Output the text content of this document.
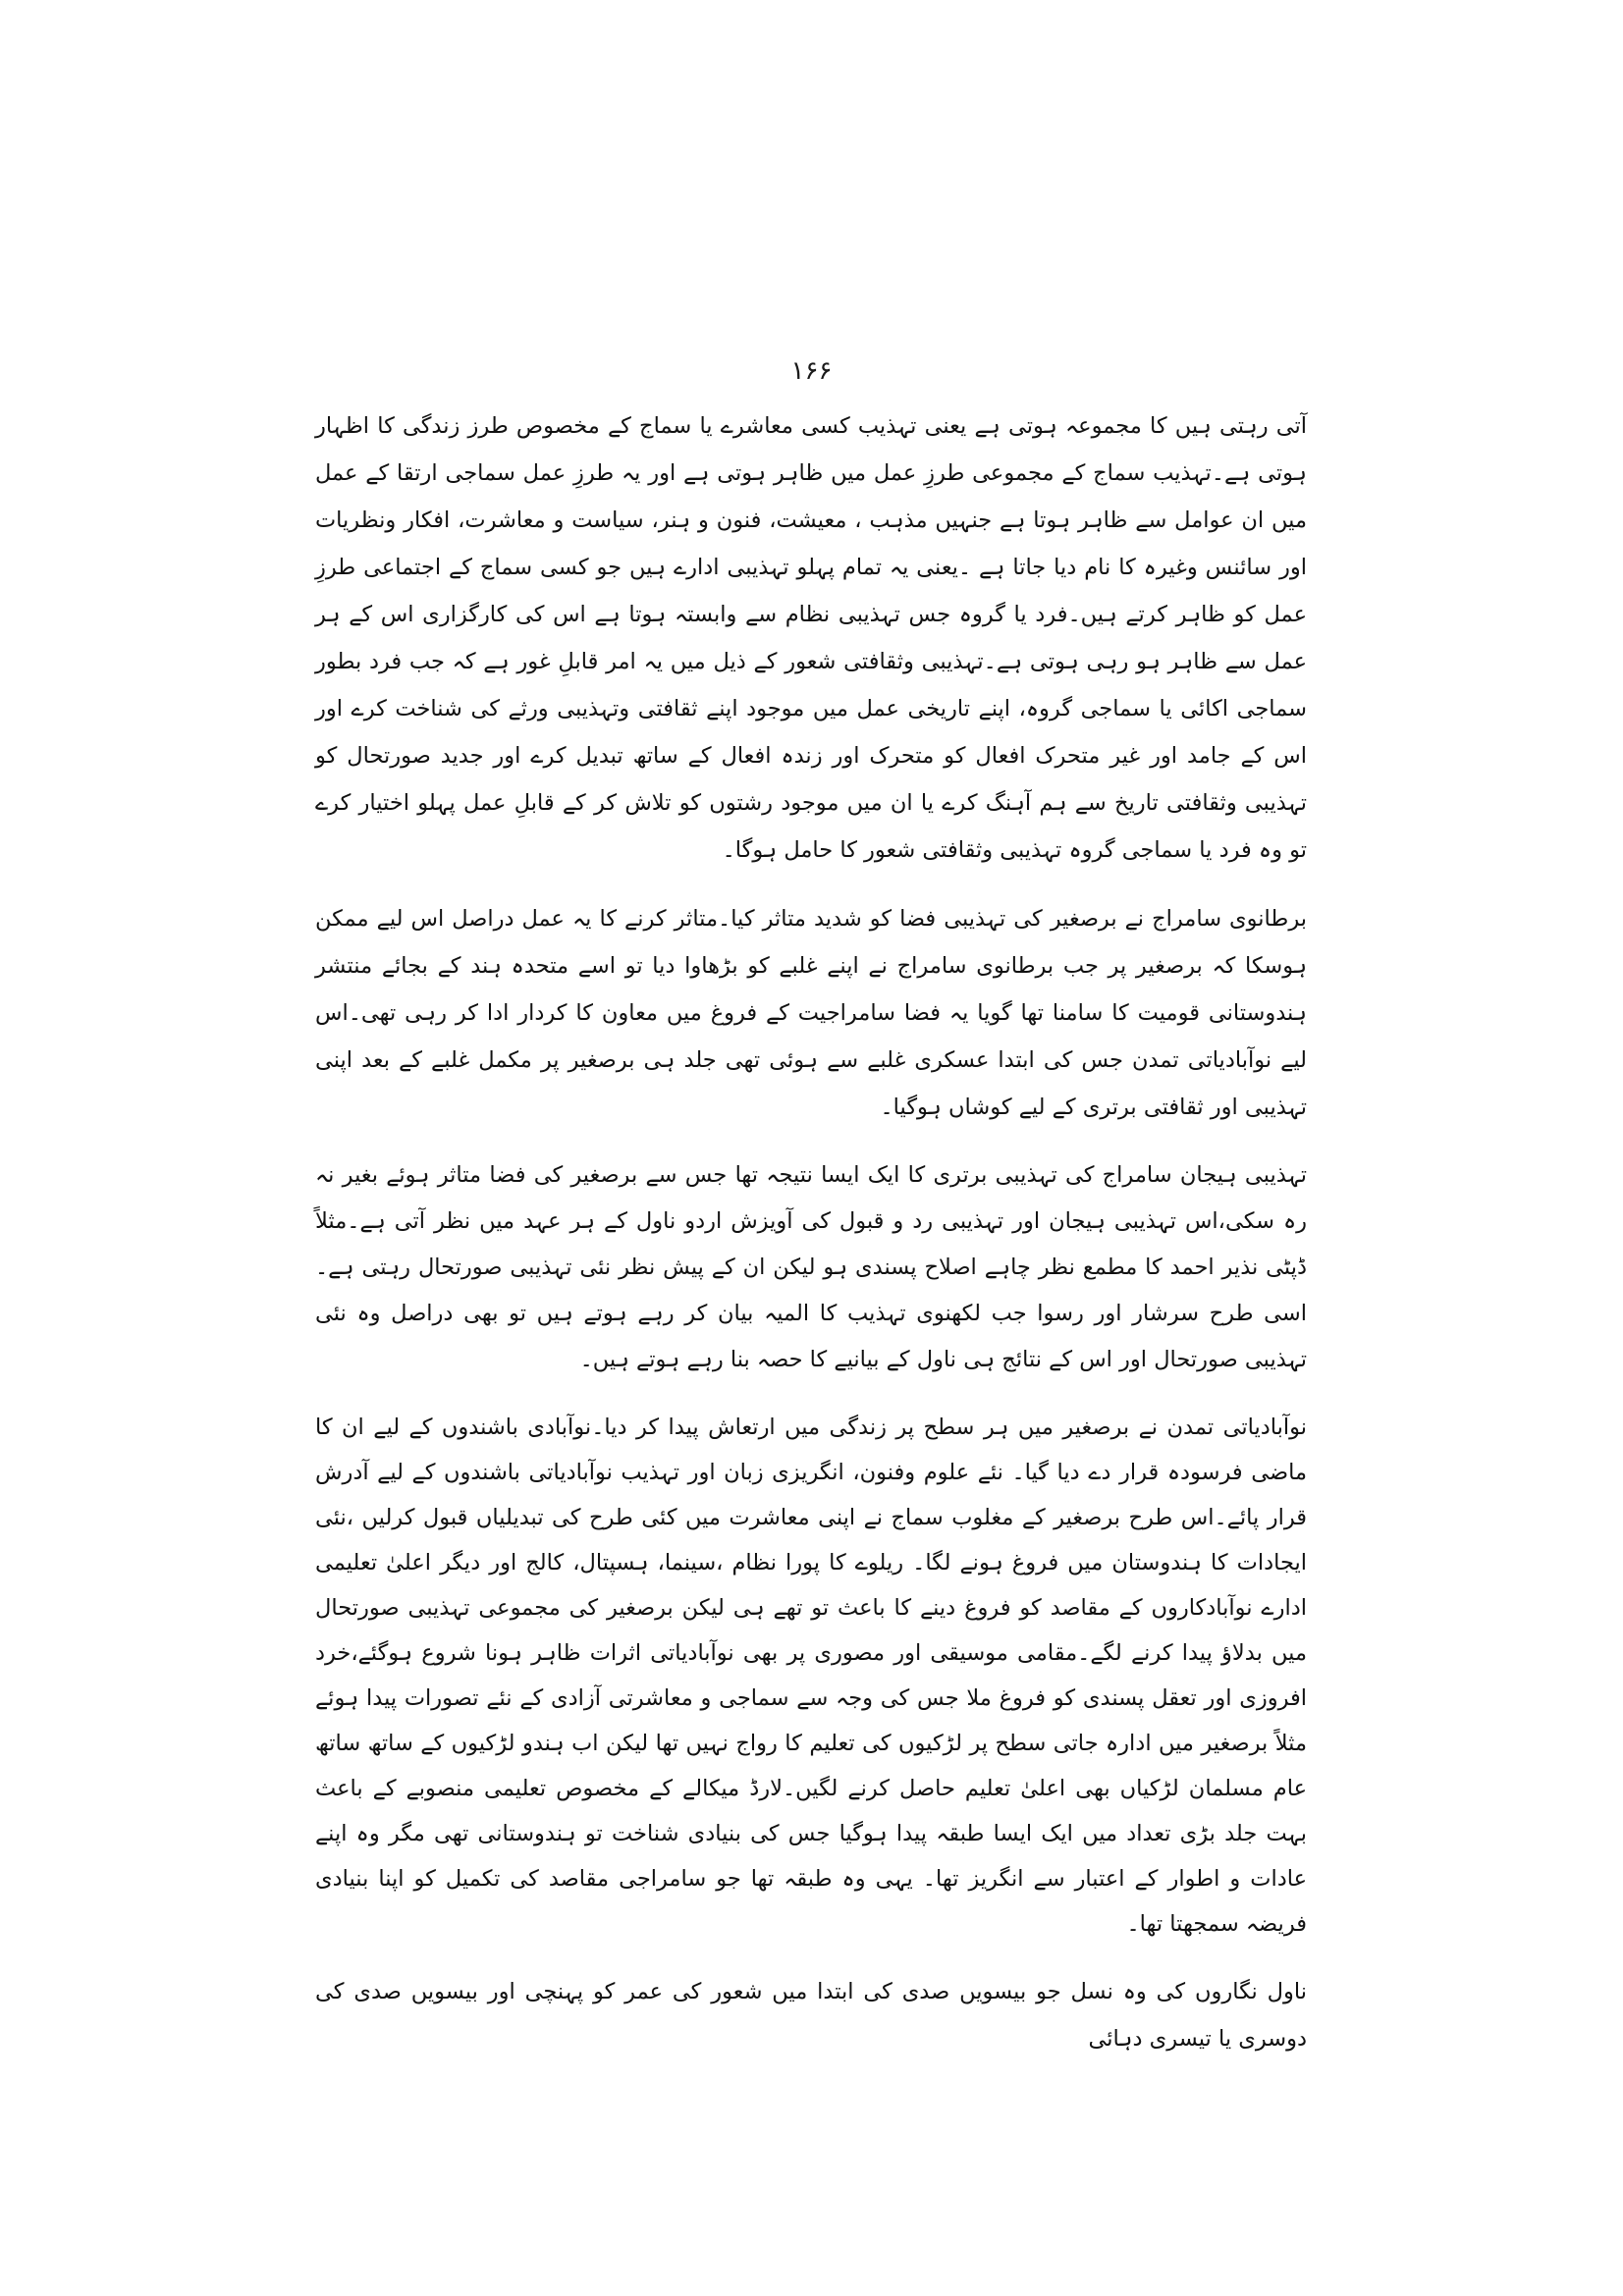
۱۶۶

آتی رہتی ہیں کا مجموعہ ہوتی ہے یعنی تہذیب کسی معاشرے یا سماج کے مخصوص طرز زندگی کا اظہار ہوتی ہے۔تہذیب سماج کے مجموعی طرزِ عمل میں ظاہر ہوتی ہے اور یہ طرزِ عمل سماجی ارتقا کے عمل میں ان عوامل سے ظاہر ہوتا ہے جنہیں مذہب ، معیشت، فنون و ہنر، سیاست و معاشرت، افکار ونظریات اور سائنس وغیرہ کا نام دیا جاتا ہے ۔یعنی یہ تمام پہلو تہذیبی ادارے ہیں جو کسی سماج کے اجتماعی طرزِ عمل کو ظاہر کرتے ہیں۔فرد یا گروہ جس تہذیبی نظام سے وابستہ ہوتا ہے اس کی کارگزاری اس کے ہر عمل سے ظاہر ہو رہی ہوتی ہے۔تہذیبی وثقافتی شعور کے ذیل میں یہ امر قابلِ غور ہے کہ جب فرد بطور سماجی اکائی یا سماجی گروہ، اپنے تاریخی عمل میں موجود اپنے ثقافتی وتہذیبی ورثے کی شناخت کرے اور اس کے جامد اور غیر متحرک افعال کو متحرک اور زندہ افعال کے ساتھ تبدیل کرے اور جدید صورتحال کو تہذیبی وثقافتی تاریخ سے ہم آہنگ کرے یا ان میں موجود رشتوں کو تلاش کر کے قابلِ عمل پہلو اختیار کرے تو وہ فرد یا سماجی گروہ تہذیبی وثقافتی شعور کا حامل ہوگا۔

برطانوی سامراج نے برصغیر کی تہذیبی فضا کو شدید متاثر کیا۔متاثر کرنے کا یہ عمل دراصل اس لیے ممکن ہوسکا کہ برصغیر پر جب برطانوی سامراج نے اپنے غلبے کو بڑھاوا دیا تو اسے متحدہ ہند کے بجائے منتشر ہندوستانی قومیت کا سامنا تھا گویا یہ فضا سامراجیت کے فروغ میں معاون کا کردار ادا کر رہی تھی۔اس لیے نوآبادیاتی تمدن جس کی ابتدا عسکری غلبے سے ہوئی تھی جلد ہی برصغیر پر مکمل غلبے کے بعد اپنی تہذیبی اور ثقافتی برتری کے لیے کوشاں ہوگیا۔

تہذیبی ہیجان سامراج کی تہذیبی برتری کا ایک ایسا نتیجہ تھا جس سے برصغیر کی فضا متاثر ہوئے بغیر نہ رہ سکی،اس تہذیبی ہیجان اور تہذیبی رد و قبول کی آویزش اردو ناول کے ہر عہد میں نظر آتی ہے۔مثلاً ڈپٹی نذیر احمد کا مطمع نظر چاہے اصلاح پسندی ہو لیکن ان کے پیش نظر نئی تہذیبی صورتحال رہتی ہے۔اسی طرح سرشار اور رسوا جب لکھنوی تہذیب کا المیہ بیان کر رہے ہوتے ہیں تو بھی دراصل وہ نئی تہذیبی صورتحال اور اس کے نتائج ہی ناول کے بیانیے کا حصہ بنا رہے ہوتے ہیں۔

نوآبادیاتی تمدن نے برصغیر میں ہر سطح پر زندگی میں ارتعاش پیدا کر دیا۔نوآبادی باشندوں کے لیے ان کا ماضی فرسودہ قرار دے دیا گیا۔ نئے علوم وفنون، انگریزی زبان اور تہذیب نوآبادیاتی باشندوں کے لیے آدرش قرار پائے۔اس طرح برصغیر کے مغلوب سماج نے اپنی معاشرت میں کئی طرح کی تبدیلیاں قبول کرلیں ،نئی ایجادات کا ہندوستان میں فروغ ہونے لگا۔ ریلوے کا پورا نظام ،سینما، ہسپتال، کالج اور دیگر اعلیٰ تعلیمی ادارے نوآبادکاروں کے مقاصد کو فروغ دینے کا باعث تو تھے ہی لیکن برصغیر کی مجموعی تہذیبی صورتحال میں بدلاؤ پیدا کرنے لگے۔مقامی موسیقی اور مصوری پر بھی نوآبادیاتی اثرات ظاہر ہونا شروع ہوگئے،خرد افروزی اور تعقل پسندی کو فروغ ملا جس کی وجہ سے سماجی و معاشرتی آزادی کے نئے تصورات پیدا ہوئے مثلاً برصغیر میں ادارہ جاتی سطح پر لڑکیوں کی تعلیم کا رواج نہیں تھا لیکن اب ہندو لڑکیوں کے ساتھ ساتھ عام مسلمان لڑکیاں بھی اعلیٰ تعلیم حاصل کرنے لگیں۔لارڈ میکالے کے مخصوص تعلیمی منصوبے کے باعث بہت جلد بڑی تعداد میں ایک ایسا طبقہ پیدا ہوگیا جس کی بنیادی شناخت تو ہندوستانی تھی مگر وہ اپنے عادات و اطوار کے اعتبار سے انگریز تھا۔ یہی وہ طبقہ تھا جو سامراجی مقاصد کی تکمیل کو اپنا بنیادی فریضہ سمجھتا تھا۔

ناول نگاروں کی وہ نسل جو بیسویں صدی کی ابتدا میں شعور کی عمر کو پہنچی اور بیسویں صدی کی دوسری یا تیسری دہائی
